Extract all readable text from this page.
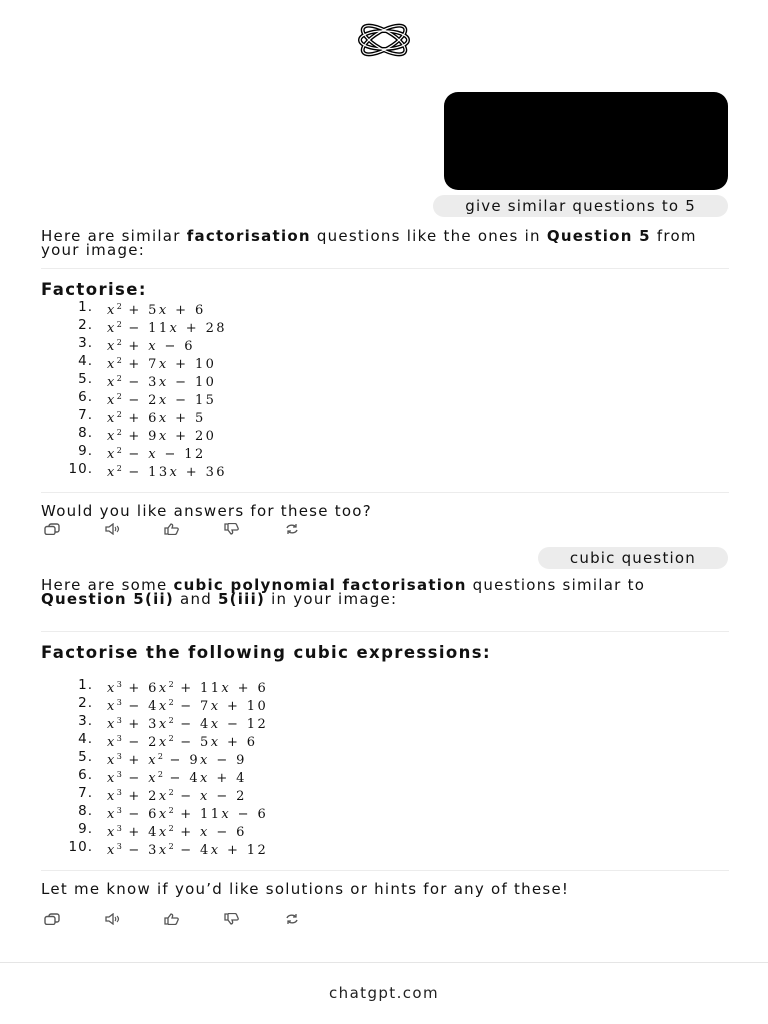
give similar questions to 5
Here are similar factorisation questions like the ones in Question 5 from your image:
Factorise:
1.	$x^2 + 5x + 6$
2.	$x^2 - 11x + 28$
3.	$x^2 + x - 6$
4.	$x^2 + 7x + 10$
5.	$x^2 - 3x - 10$
6.	$x^2 - 2x - 15$
7.	$x^2 + 6x + 5$
8.	$x^2 + 9x + 20$
9.	$x^2 - x - 12$
10.	$x^2 - 13x + 36$
Would you like answers for these too?
cubic question
Here are some cubic polynomial factorisation questions similar to Question 5(ii) and 5(iii) in your image:
Factorise the following cubic expressions:
1.	$x^3 + 6x^2 + 11x + 6$
2.	$x^3 - 4x^2 - 7x + 10$
3.	$x^3 + 3x^2 - 4x - 12$
4.	$x^3 - 2x^2 - 5x + 6$
5.	$x^3 + x^2 - 9x - 9$
6.	$x^3 - x^2 - 4x + 4$
7.	$x^3 + 2x^2 - x - 2$
8.	$x^3 - 6x^2 + 11x - 6$
9.	$x^3 + 4x^2 + x - 6$
10.	$x^3 - 3x^2 - 4x + 12$
Let me know if you’d like solutions or hints for any of these!
chatgpt.com
